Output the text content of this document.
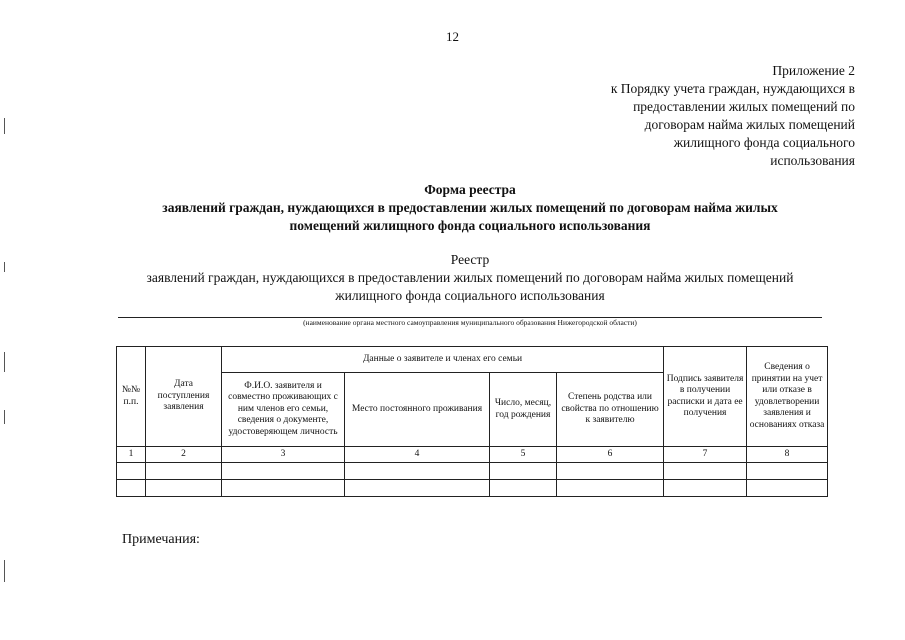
12
Приложение 2
к Порядку учета граждан, нуждающихся в
предоставлении жилых помещений по
договорам найма жилых помещений
жилищного фонда социального
использования
Форма реестра
заявлений граждан, нуждающихся в предоставлении жилых помещений по договорам найма жилых
помещений жилищного фонда социального использования
Реестр
заявлений граждан, нуждающихся в предоставлении жилых помещений по договорам найма жилых помещений
жилищного фонда социального использования
(наименование органа местного самоуправления муниципального образования Нижегородской области)
№№ п.п.	Дата поступления заявления	Данные о заявителе и членах его семьи				Подпись заявителя в получении расписки и дата ее получения	Сведения о принятии на учет или отказе в удовлетворении заявления и основаниях отказа
		Ф.И.О. заявителя и совместно проживающих с ним членов его семьи, сведения о документе, удостоверяющем личность	Место постоянного проживания	Число, месяц, год рождения	Степень родства или свойства по отношению к заявителю		
1	2	3	4	5	6	7	8

Примечания:
